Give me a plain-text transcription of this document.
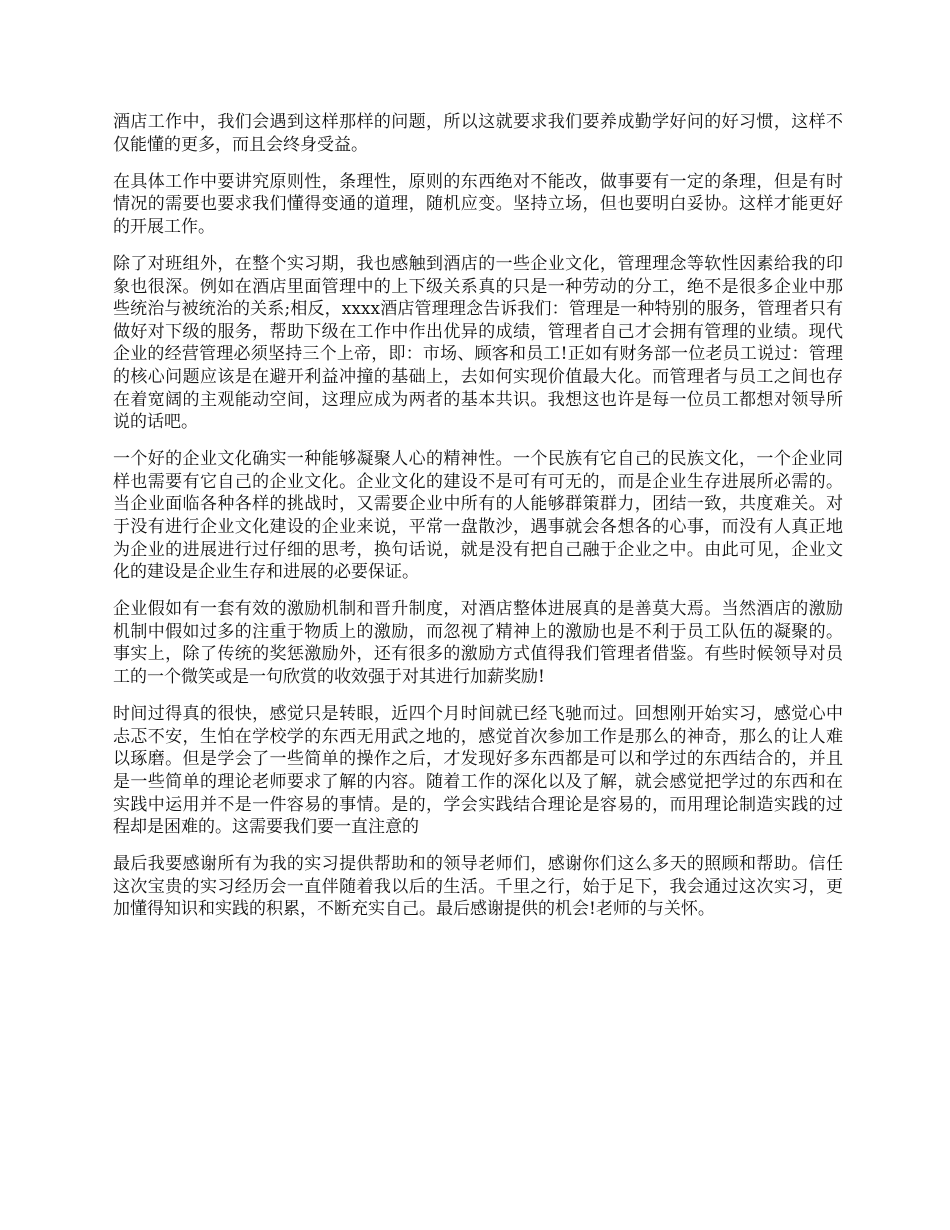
酒店工作中，我们会遇到这样那样的问题，所以这就要求我们要养成勤学好问的好习惯，这样不仅能懂的更多，而且会终身受益。

在具体工作中要讲究原则性，条理性，原则的东西绝对不能改，做事要有一定的条理，但是有时情况的需要也要求我们懂得变通的道理，随机应变。坚持立场，但也要明白妥协。这样才能更好的开展工作。

除了对班组外，在整个实习期，我也感触到酒店的一些企业文化，管理理念等软性因素给我的印象也很深。例如在酒店里面管理中的上下级关系真的只是一种劳动的分工，绝不是很多企业中那些统治与被统治的关系;相反，xxxx酒店管理理念告诉我们：管理是一种特别的服务，管理者只有做好对下级的服务，帮助下级在工作中作出优异的成绩，管理者自己才会拥有管理的业绩。现代企业的经营管理必须坚持三个上帝，即：市场、顾客和员工!正如有财务部一位老员工说过：管理的核心问题应该是在避开利益冲撞的基础上，去如何实现价值最大化。而管理者与员工之间也存在着宽阔的主观能动空间，这理应成为两者的基本共识。我想这也许是每一位员工都想对领导所说的话吧。

一个好的企业文化确实一种能够凝聚人心的精神性。一个民族有它自己的民族文化，一个企业同样也需要有它自己的企业文化。企业文化的建设不是可有可无的，而是企业生存进展所必需的。当企业面临各种各样的挑战时，又需要企业中所有的人能够群策群力，团结一致，共度难关。对于没有进行企业文化建设的企业来说，平常一盘散沙，遇事就会各想各的心事，而没有人真正地为企业的进展进行过仔细的思考，换句话说，就是没有把自己融于企业之中。由此可见，企业文化的建设是企业生存和进展的必要保证。

企业假如有一套有效的激励机制和晋升制度，对酒店整体进展真的是善莫大焉。当然酒店的激励机制中假如过多的注重于物质上的激励，而忽视了精神上的激励也是不利于员工队伍的凝聚的。事实上，除了传统的奖惩激励外，还有很多的激励方式值得我们管理者借鉴。有些时候领导对员工的一个微笑或是一句欣赏的收效强于对其进行加薪奖励!

时间过得真的很快，感觉只是转眼，近四个月时间就已经飞驰而过。回想刚开始实习，感觉心中忐忑不安，生怕在学校学的东西无用武之地的，感觉首次参加工作是那么的神奇，那么的让人难以琢磨。但是学会了一些简单的操作之后，才发现好多东西都是可以和学过的东西结合的，并且是一些简单的理论老师要求了解的内容。随着工作的深化以及了解，就会感觉把学过的东西和在实践中运用并不是一件容易的事情。是的，学会实践结合理论是容易的，而用理论制造实践的过程却是困难的。这需要我们要一直注意的

最后我要感谢所有为我的实习提供帮助和的领导老师们，感谢你们这么多天的照顾和帮助。信任这次宝贵的实习经历会一直伴随着我以后的生活。千里之行，始于足下，我会通过这次实习，更加懂得知识和实践的积累，不断充实自己。最后感谢提供的机会!老师的与关怀。
